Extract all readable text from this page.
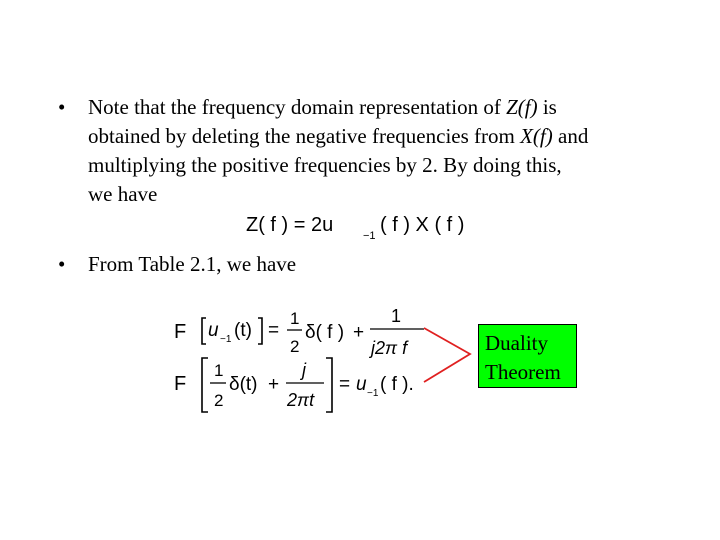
• Note that the frequency domain representation of Z(f) is
obtained by deleting the negative frequencies from X(f) and
multiplying the positive frequencies by 2. By doing this,
we have
Z( f ) = 2u	−1 ( f ) X ( f ).
• From Table 2.1, we have
F u −1 (t) =
1
2
δ( f ) +
1
j2π f
F
1
2
δ(t) +
j
2πt
= u −1 ( f ).
Duality
Theorem
